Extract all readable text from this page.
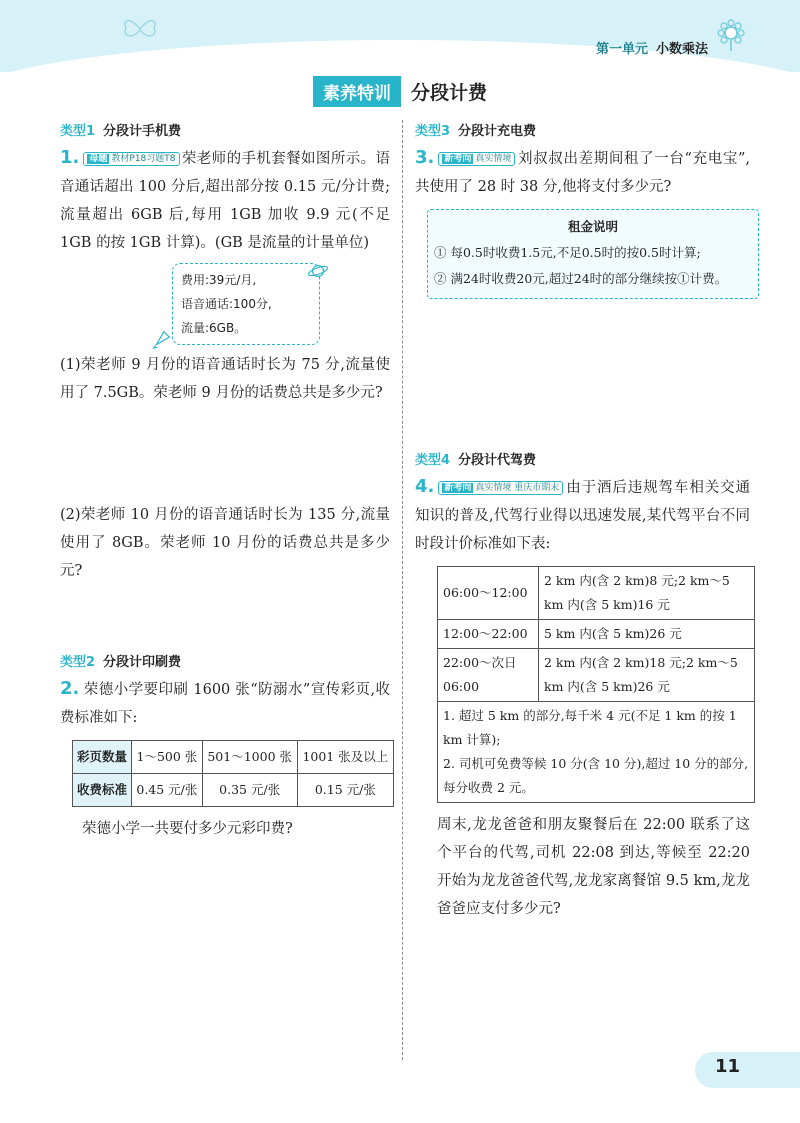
第一单元 小数乘法
素养特训 分段计费
类型1 分段计手机费

1. 母题 教材P18习题T8 荣老师的手机套餐如图所示。语音通话超出 100 分后,超出部分按 0.15 元/分计费;流量超出 6GB 后,每用 1GB 加收 9.9 元(不足 1GB 的按 1GB 计算)。(GB 是流量的计量单位)

费用:39元/月,
语音通话:100分,
流量:6GB。

(1)荣老师 9 月份的语音通话时长为 75 分,流量使用了 7.5GB。荣老师 9 月份的话费总共是多少元?

(2)荣老师 10 月份的语音通话时长为 135 分,流量使用了 8GB。荣老师 10 月份的话费总共是多少元?

类型2 分段计印刷费

2. 荣德小学要印刷 1600 张“防溺水”宣传彩页,收费标准如下:

彩页数量	1～500 张	501～1000 张	1001 张及以上
收费标准	0.45 元/张	0.35 元/张	0.15 元/张

荣德小学一共要付多少元彩印费?

类型3 分段计充电费

3. 新考向 真实情境 刘叔叔出差期间租了一台“充电宝”,共使用了 28 时 38 分,他将支付多少元?

租金说明
① 每0.5时收费1.5元,不足0.5时的按0.5时计算;
② 满24时收费20元,超过24时的部分继续按①计费。
类型4 分段计代驾费

4. 新考向 真实情境 重庆市期末 由于酒后违规驾车相关交通知识的普及,代驾行业得以迅速发展,某代驾平台不同时段计价标准如下表:

06:00～12:00	2 km 内(含 2 km)8 元;2 km～5 km 内(含 5 km)16 元
12:00～22:00	5 km 内(含 5 km)26 元
22:00～次日 06:00	2 km 内(含 2 km)18 元;2 km～5 km 内(含 5 km)26 元

1. 超过 5 km 的部分,每千米 4 元(不足 1 km 的按 1 km 计算);
2. 司机可免费等候 10 分(含 10 分),超过 10 分的部分,每分收费 2 元。	

周末,龙龙爸爸和朋友聚餐后在 22:00 联系了这个平台的代驾,司机 22:08 到达,等候至 22:20 开始为龙龙爸爸代驾,龙龙家离餐馆 9.5 km,龙龙爸爸应支付多少元?

11
